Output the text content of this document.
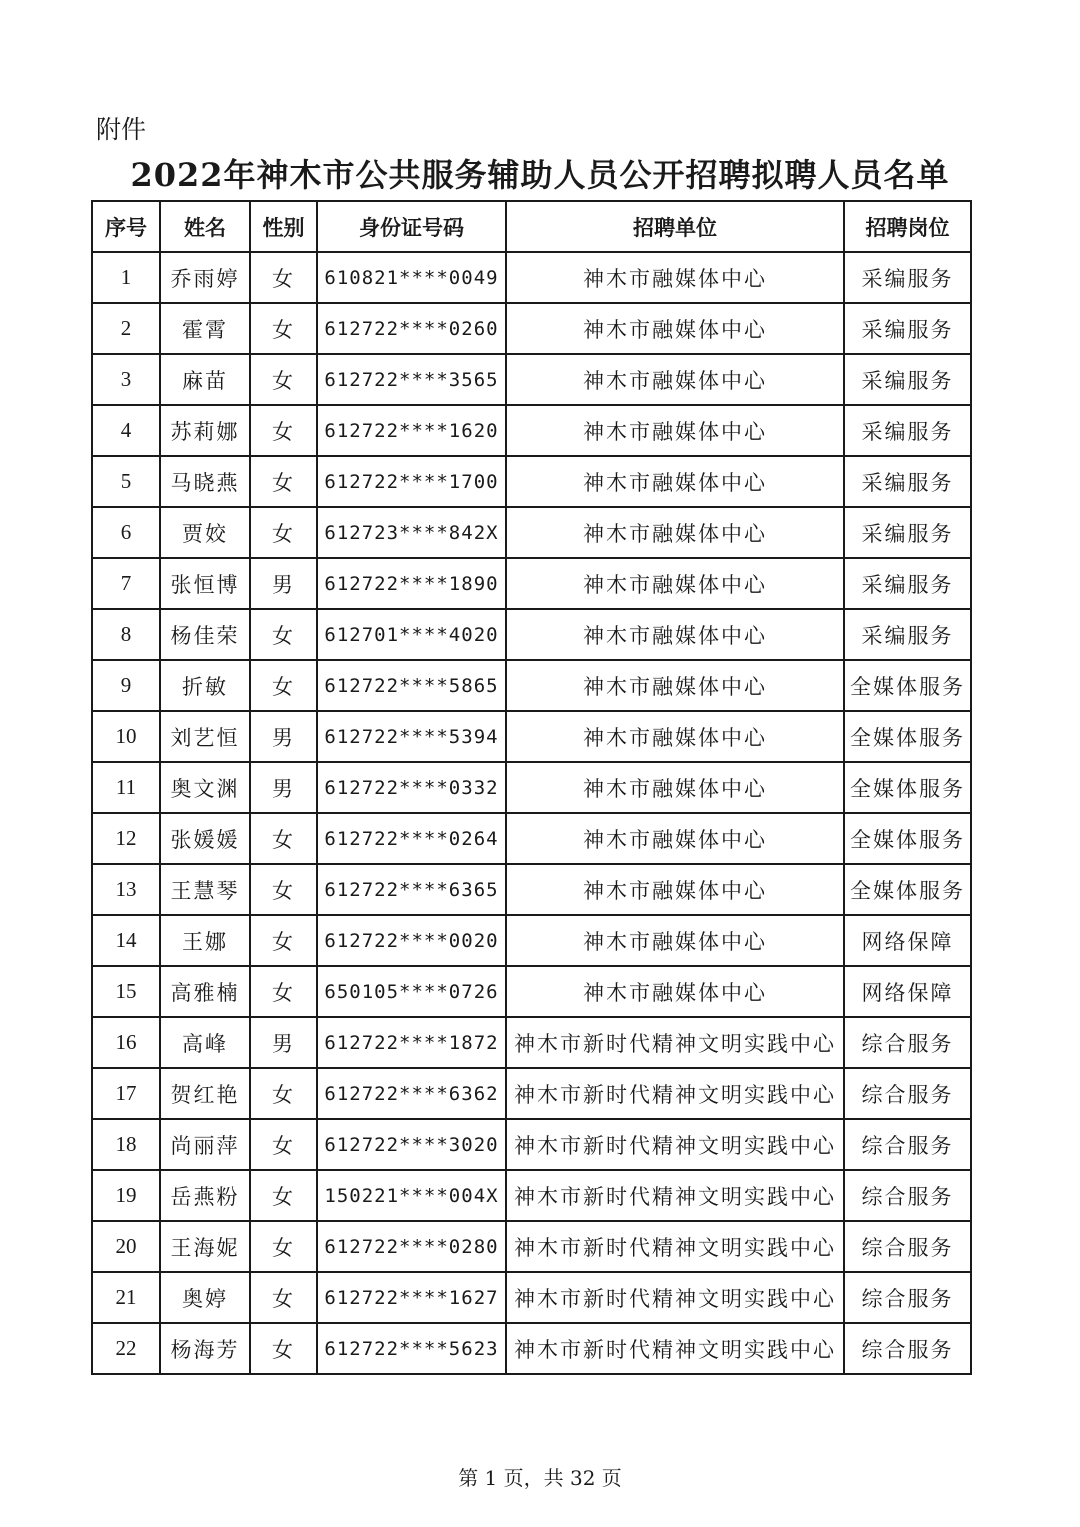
附件
2022年神木市公共服务辅助人员公开招聘拟聘人员名单
序号	姓名	性别	身份证号码	招聘单位	招聘岗位
1	乔雨婷	女	610821****0049	神木市融媒体中心	采编服务
2	霍霄	女	612722****0260	神木市融媒体中心	采编服务
3	麻苗	女	612722****3565	神木市融媒体中心	采编服务
4	苏莉娜	女	612722****1620	神木市融媒体中心	采编服务
5	马晓燕	女	612722****1700	神木市融媒体中心	采编服务
6	贾姣	女	612723****842X	神木市融媒体中心	采编服务
7	张恒博	男	612722****1890	神木市融媒体中心	采编服务
8	杨佳荣	女	612701****4020	神木市融媒体中心	采编服务
9	折敏	女	612722****5865	神木市融媒体中心	全媒体服务
10	刘艺恒	男	612722****5394	神木市融媒体中心	全媒体服务
11	奥文渊	男	612722****0332	神木市融媒体中心	全媒体服务
12	张媛媛	女	612722****0264	神木市融媒体中心	全媒体服务
13	王慧琴	女	612722****6365	神木市融媒体中心	全媒体服务
14	王娜	女	612722****0020	神木市融媒体中心	网络保障
15	高雅楠	女	650105****0726	神木市融媒体中心	网络保障
16	高峰	男	612722****1872	神木市新时代精神文明实践中心	综合服务
17	贺红艳	女	612722****6362	神木市新时代精神文明实践中心	综合服务
18	尚丽萍	女	612722****3020	神木市新时代精神文明实践中心	综合服务
19	岳燕粉	女	150221****004X	神木市新时代精神文明实践中心	综合服务
20	王海妮	女	612722****0280	神木市新时代精神文明实践中心	综合服务
21	奥婷	女	612722****1627	神木市新时代精神文明实践中心	综合服务
22	杨海芳	女	612722****5623	神木市新时代精神文明实践中心	综合服务
第 1 页，共 32 页
